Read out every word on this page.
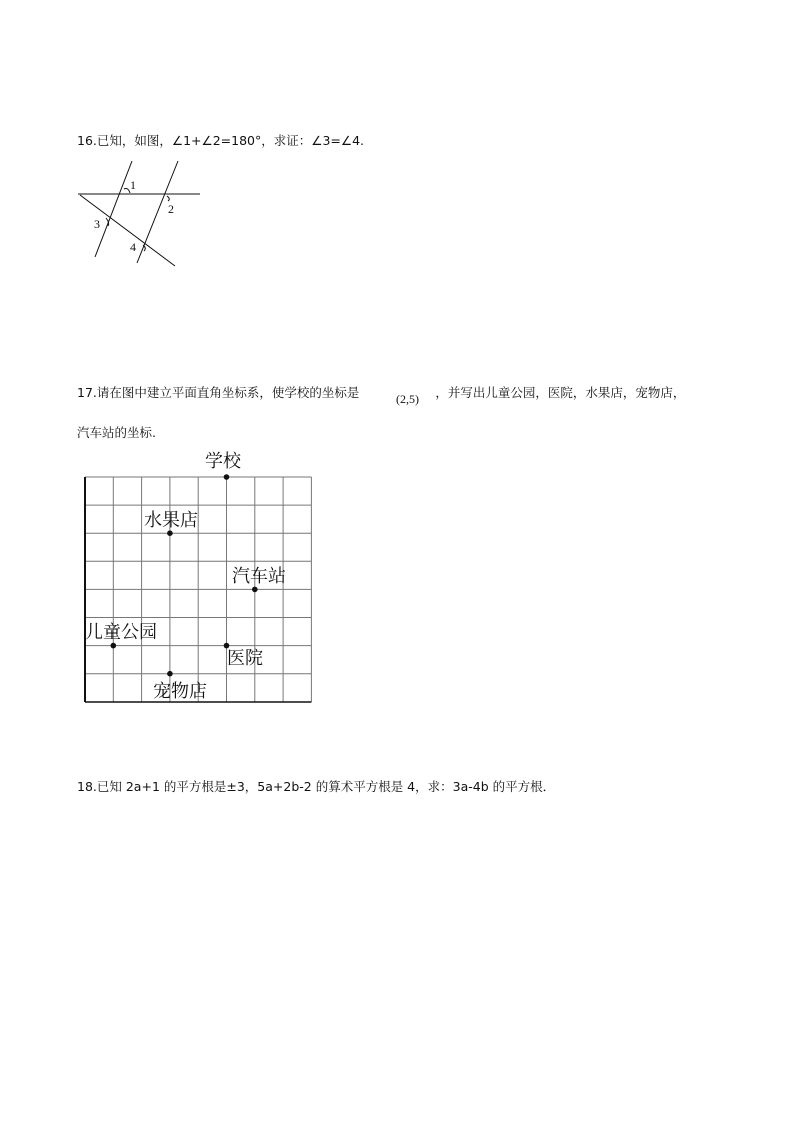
16.已知，如图，∠1+∠2=180°，求证：∠3=∠4.
1
2
3
4
17.请在图中建立平面直角坐标系，使学校的坐标是	，并写出儿童公园，医院，水果店，宠物店，
(2,5)
汽车站的坐标.
学校
水果店
汽车站
儿童公园
医院
宠物店
18.已知 2a+1 的平方根是±3，5a+2b-2 的算术平方根是 4，求：3a-4b 的平方根．
